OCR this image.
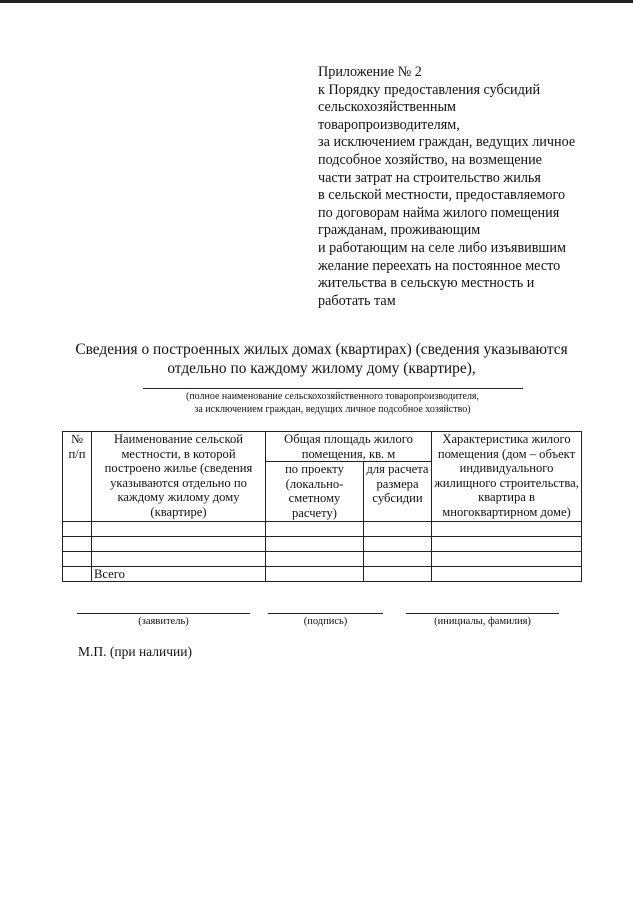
Приложение № 2
к Порядку предоставления субсидий
сельскохозяйственным
товаропроизводителям,
за исключением граждан, ведущих личное
подсобное хозяйство, на возмещение
части затрат на строительство жилья
в сельской местности, предоставляемого
по договорам найма жилого помещения
гражданам, проживающим
и работающим на селе либо изъявившим
желание переехать на постоянное место
жительства в сельскую местность и
работать там
Сведения о построенных жилых домах (квартирах) (сведения указываются
отдельно по каждому жилому дому (квартире),
(полное наименование сельскохозяйственного товаропроизводителя,
за исключением граждан, ведущих личное подсобное хозяйство)
№ п/п	Наименование сельской местности, в которой построено жилье (сведения указываются отдельно по каждому жилому дому (квартире)	Общая площадь жилого помещения, кв. м		Характеристика жилого помещения (дом – объект индивидуального жилищного строительства, квартира в многоквартирном доме)
		по проекту (локально-сметному расчету)	для расчета размера субсидии	

	Всего			
(заявитель)	(подпись)	(инициалы, фамилия)
М.П. (при наличии)
